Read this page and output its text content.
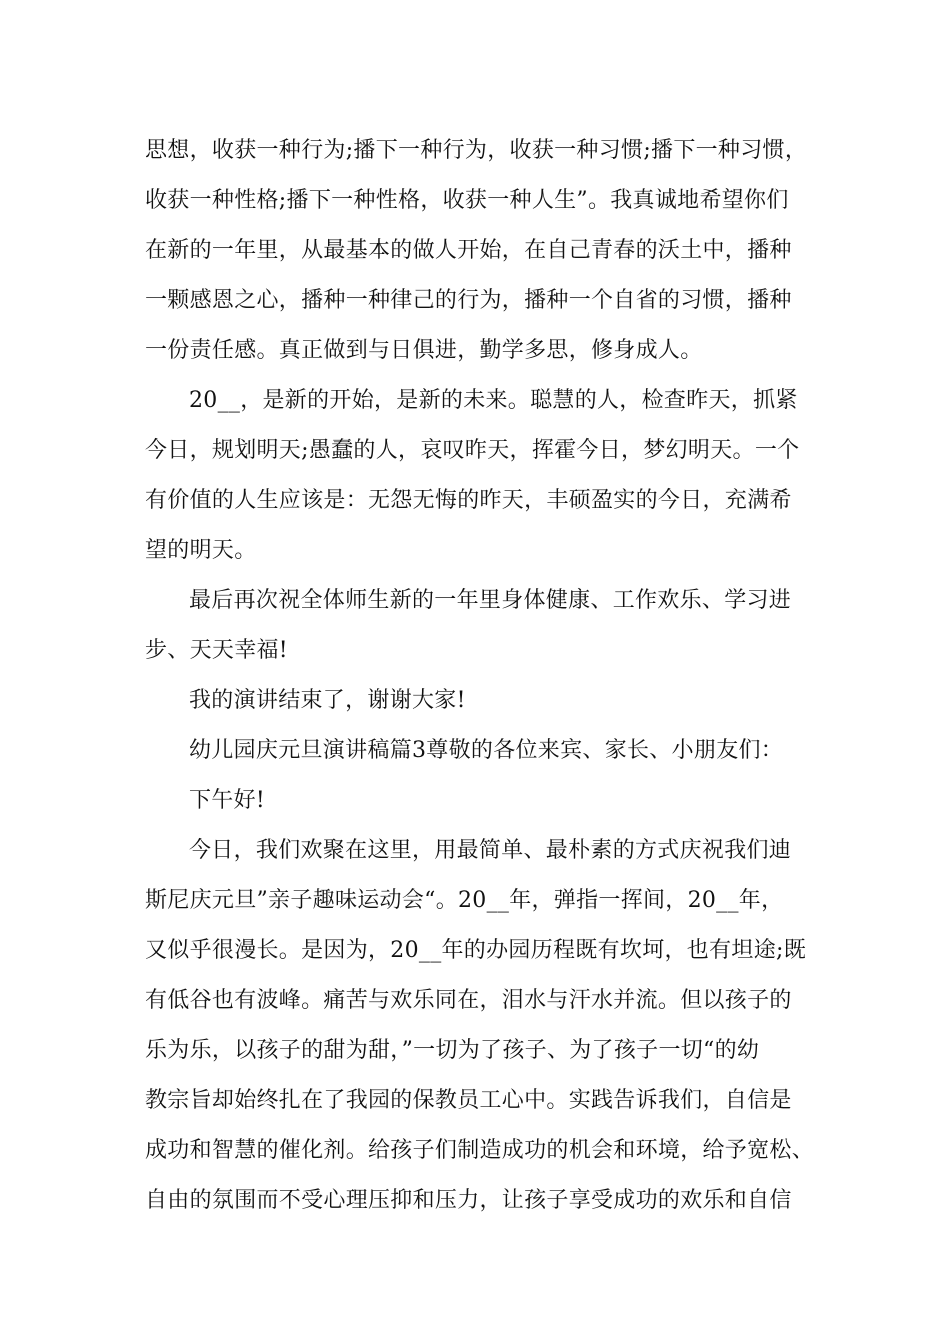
思想，收获一种行为;播下一种行为，收获一种习惯;播下一种习惯，
收获一种性格;播下一种性格，收获一种人生”。我真诚地希望你们
在新的一年里，从最基本的做人开始，在自己青春的沃土中，播种
一颗感恩之心，播种一种律己的行为，播种一个自省的习惯，播种
一份责任感。真正做到与日俱进，勤学多思，修身成人。
20__，是新的开始，是新的未来。聪慧的人，检查昨天，抓紧
今日，规划明天;愚蠢的人，哀叹昨天，挥霍今日，梦幻明天。一个
有价值的人生应该是：无怨无悔的昨天，丰硕盈实的今日，充满希
望的明天。
最后再次祝全体师生新的一年里身体健康、工作欢乐、学习进
步、天天幸福!
我的演讲结束了，谢谢大家!
幼儿园庆元旦演讲稿篇3尊敬的各位来宾、家长、小朋友们：
下午好!
今日，我们欢聚在这里，用最简单、最朴素的方式庆祝我们迪
斯尼庆元旦”亲子趣味运动会“。20__年，弹指一挥间，20__年，
又似乎很漫长。是因为，20__年的办园历程既有坎坷，也有坦途;既
有低谷也有波峰。痛苦与欢乐同在，泪水与汗水并流。但以孩子的
乐为乐，以孩子的甜为甜，”一切为了孩子、为了孩子一切“的幼
教宗旨却始终扎在了我园的保教员工心中。实践告诉我们，自信是
成功和智慧的催化剂。给孩子们制造成功的机会和环境，给予宽松、
自由的氛围而不受心理压抑和压力，让孩子享受成功的欢乐和自信
